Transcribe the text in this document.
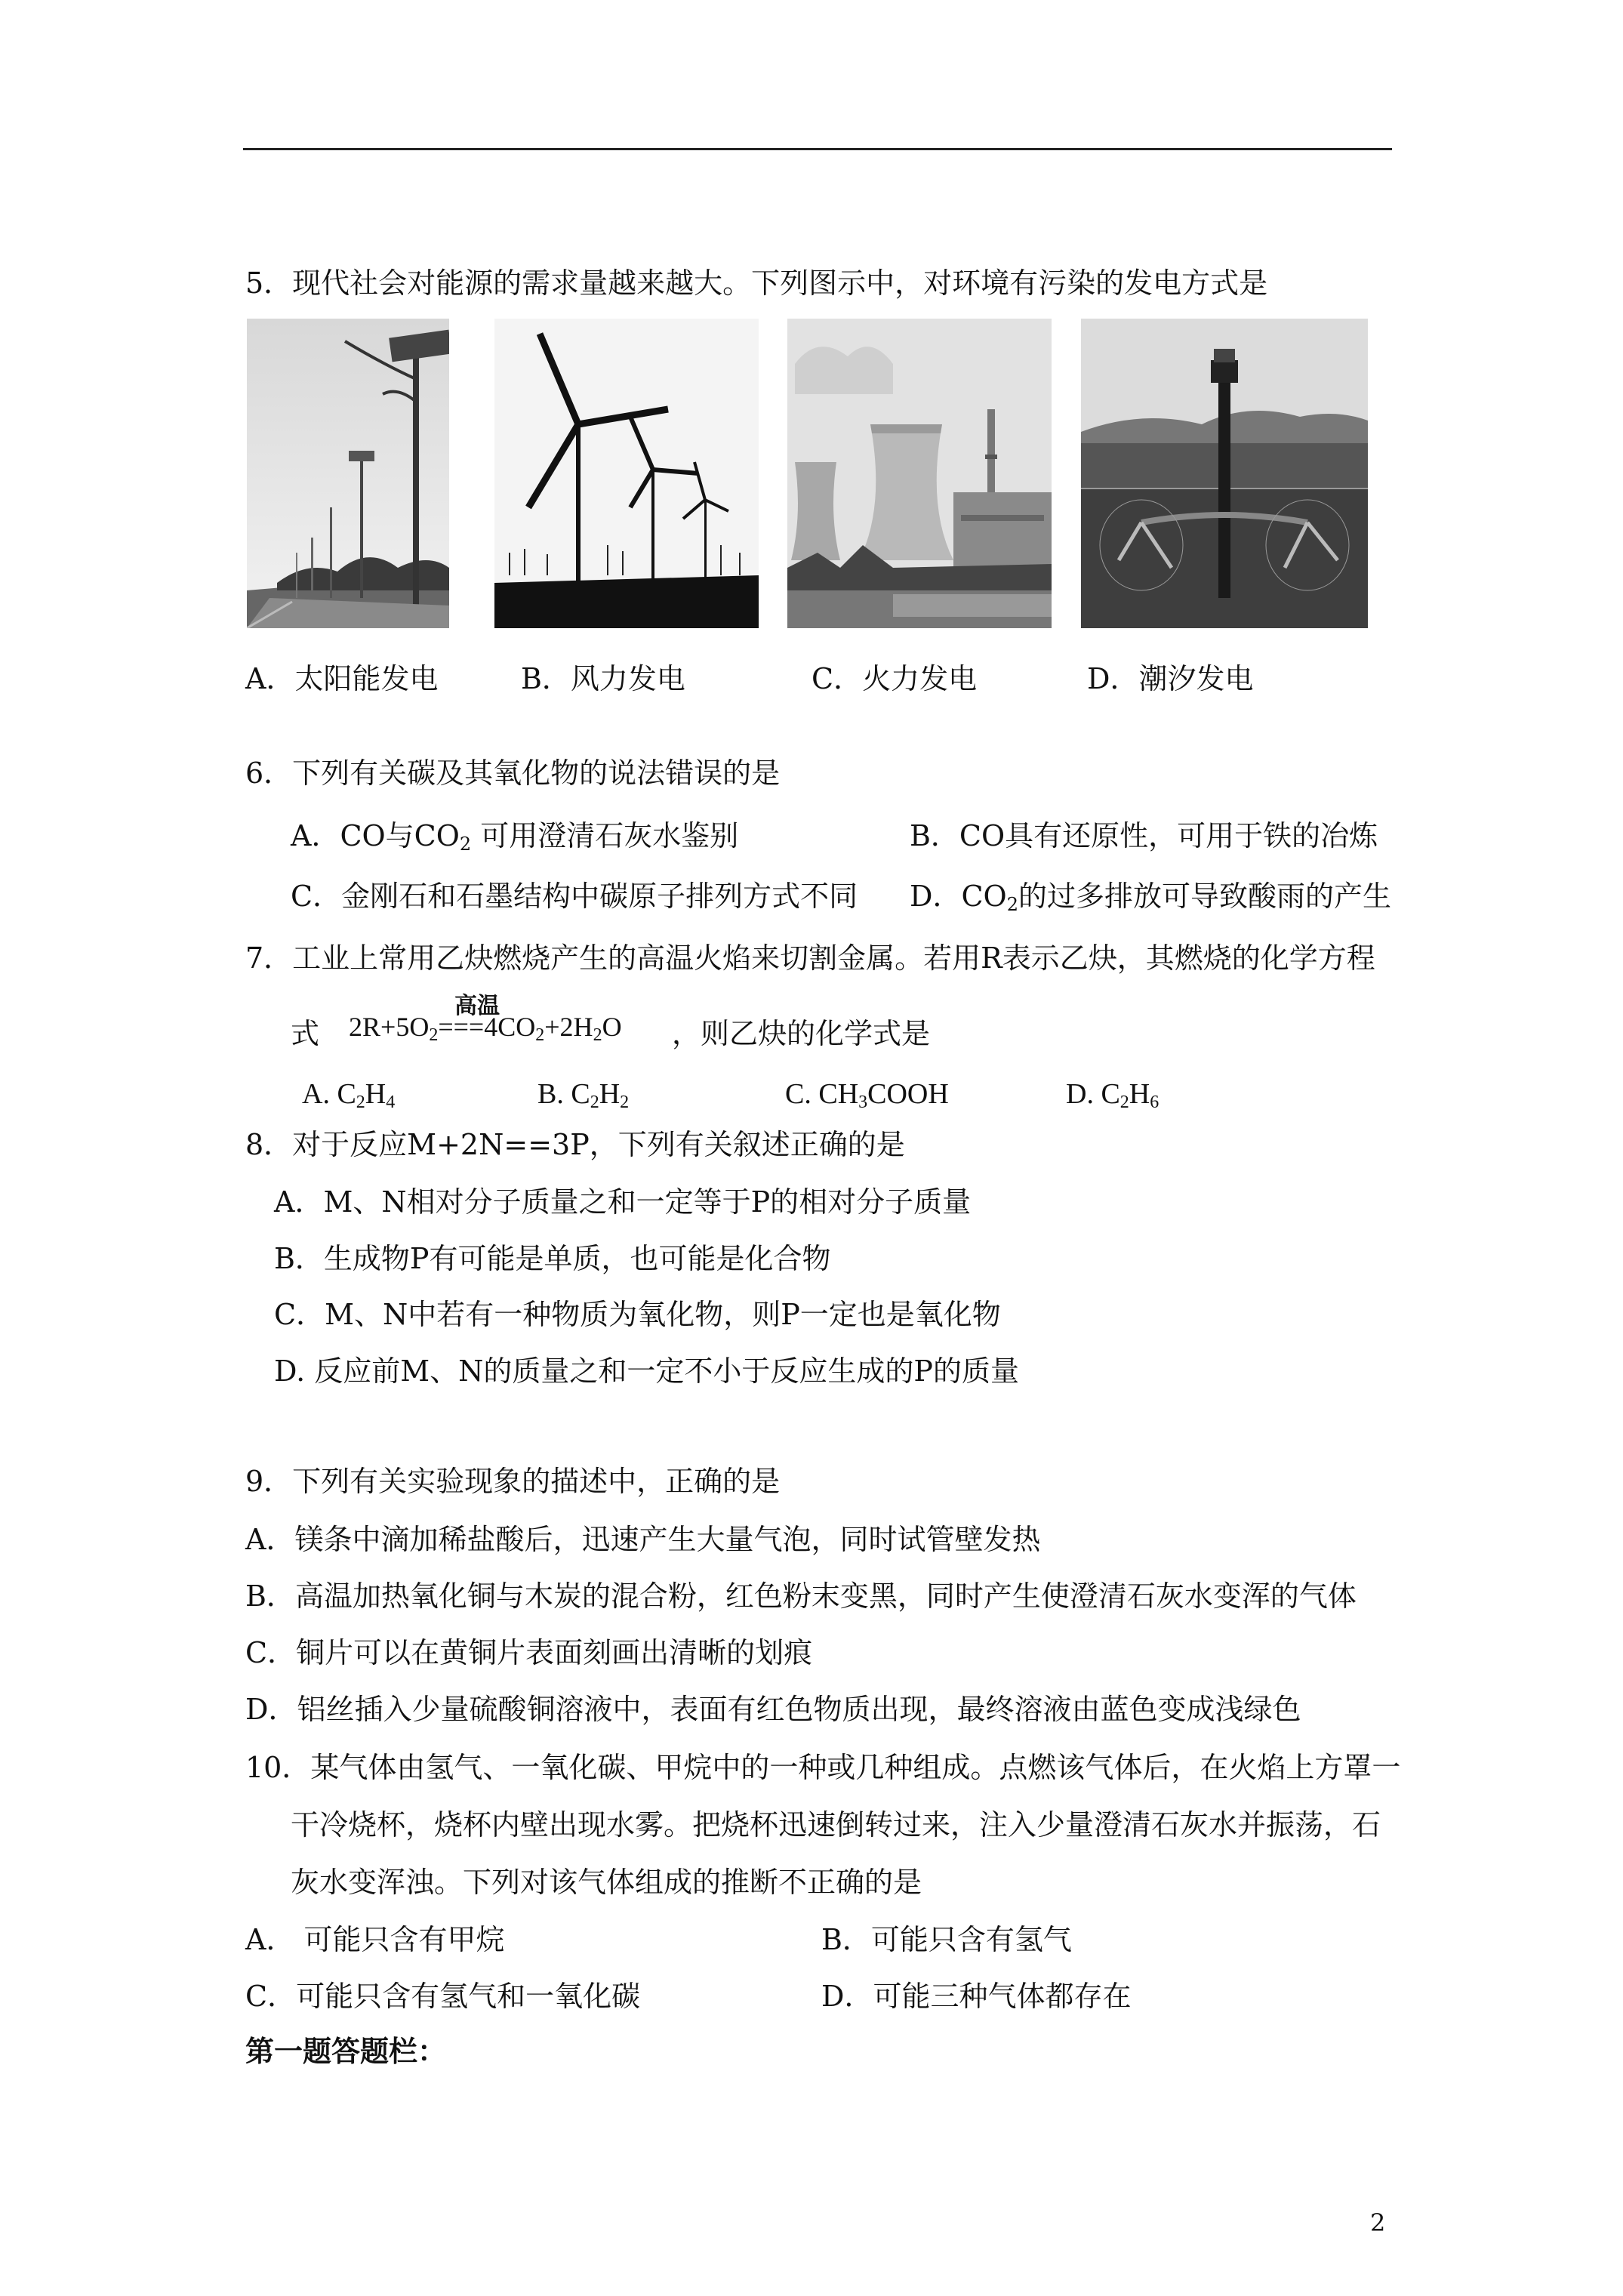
5．现代社会对能源的需求量越来越大。下列图示中，对环境有污染的发电方式是
A．太阳能发电	B．风力发电	C．火力发电	D．潮汐发电
6．下列有关碳及其氧化物的说法错误的是
A．CO与$CO_2$ 可用澄清石灰水鉴别	B．CO具有还原性，可用于铁的冶炼
C．金刚石和石墨结构中碳原子排列方式不同 D．$CO_2$的过多排放可导致酸雨的产生
7．工业上常用乙炔燃烧产生的高温火焰来切割金属。若用R表示乙炔，其燃烧的化学方程
式
高温
$2R+5O_2===4CO_2+2H_2O$ ，则乙炔的化学式是
A. $C_2H_4$	B. $C_2H_2$	C. $CH_3COOH$	D. $C_2H_6$
8．对于反应M+2N==3P，下列有关叙述正确的是
A．M、N相对分子质量之和一定等于P的相对分子质量
B．生成物P有可能是单质，也可能是化合物
C．M、N中若有一种物质为氧化物，则P一定也是氧化物
D. 反应前M、N的质量之和一定不小于反应生成的P的质量
9．下列有关实验现象的描述中，正确的是
A．镁条中滴加稀盐酸后，迅速产生大量气泡，同时试管壁发热
B．高温加热氧化铜与木炭的混合粉，红色粉末变黑，同时产生使澄清石灰水变浑的气体
C．铜片可以在黄铜片表面刻画出清晰的划痕
D．铝丝插入少量硫酸铜溶液中，表面有红色物质出现，最终溶液由蓝色变成浅绿色
10．某气体由氢气、一氧化碳、甲烷中的一种或几种组成。点燃该气体后，在火焰上方罩一
干冷烧杯，烧杯内壁出现水雾。把烧杯迅速倒转过来，注入少量澄清石灰水并振荡，石
灰水变浑浊。下列对该气体组成的推断不正确的是
A． 可能只含有甲烷	B．可能只含有氢气
C．可能只含有氢气和一氧化碳	D．可能三种气体都存在
第一题答题栏：
2
